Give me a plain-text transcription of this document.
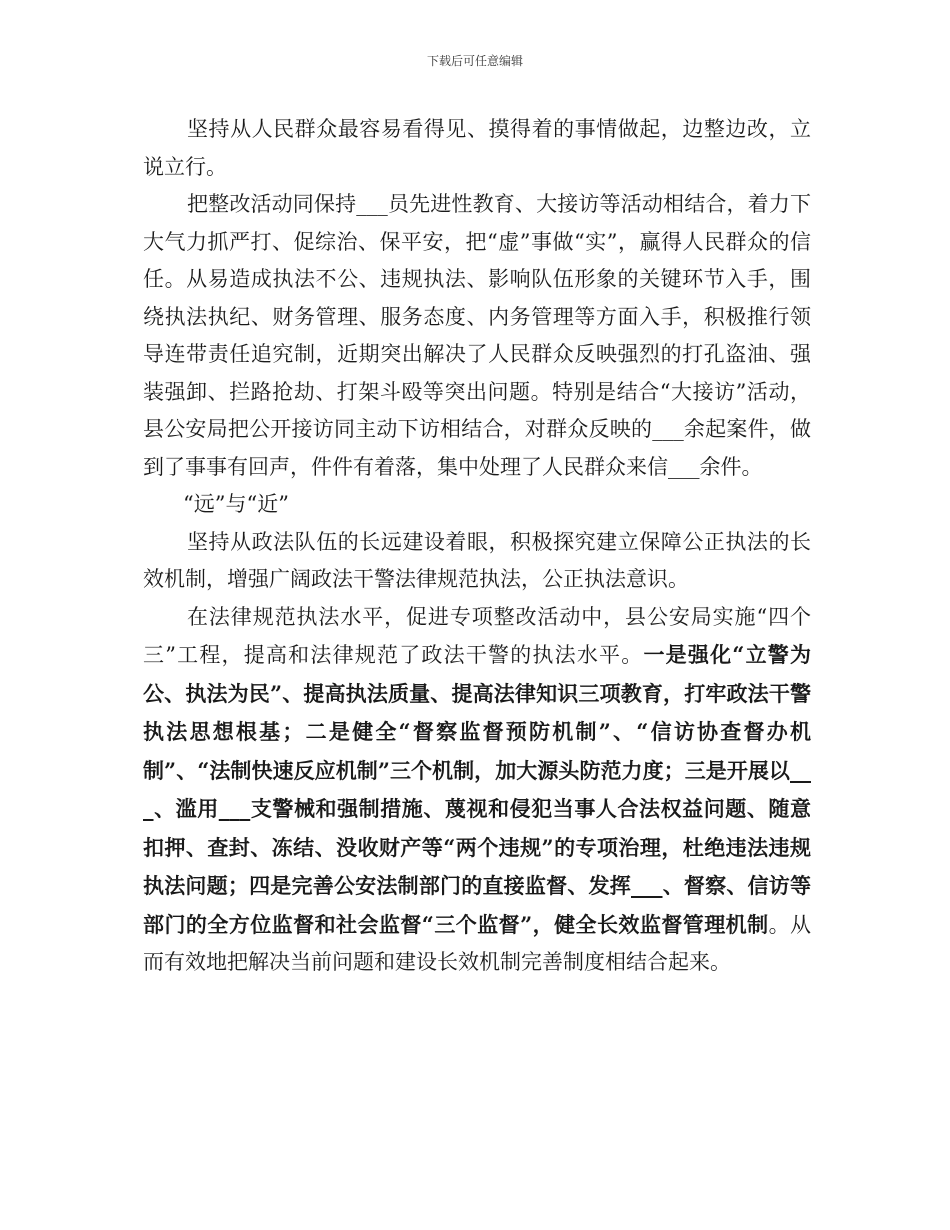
下载后可任意编辑

坚持从人民群众最容易看得见、摸得着的事情做起，边整边改，立说立行。

把整改活动同保持___员先进性教育、大接访等活动相结合，着力下大气力抓严打、促综治、保平安，把“虚”事做“实”，赢得人民群众的信任。从易造成执法不公、违规执法、影响队伍形象的关键环节入手，围绕执法执纪、财务管理、服务态度、内务管理等方面入手，积极推行领导连带责任追究制，近期突出解决了人民群众反映强烈的打孔盗油、强装强卸、拦路抢劫、打架斗殴等突出问题。特别是结合“大接访”活动，县公安局把公开接访同主动下访相结合，对群众反映的___余起案件，做到了事事有回声，件件有着落，集中处理了人民群众来信___余件。

“远”与“近”

坚持从政法队伍的长远建设着眼，积极探究建立保障公正执法的长效机制，增强广阔政法干警法律规范执法，公正执法意识。

在法律规范执法水平，促进专项整改活动中，县公安局实施“四个三”工程，提高和法律规范了政法干警的执法水平。一是强化“立警为公、执法为民”、提高执法质量、提高法律知识三项教育，打牢政法干警执法思想根基；二是健全“督察监督预防机制”、“信访协查督办机制”、“法制快速反应机制”三个机制，加大源头防范力度；三是开展以___、滥用___支警械和强制措施、蔑视和侵犯当事人合法权益问题、随意扣押、查封、冻结、没收财产等“两个违规”的专项治理，杜绝违法违规执法问题；四是完善公安法制部门的直接监督、发挥___、督察、信访等部门的全方位监督和社会监督“三个监督”，健全长效监督管理机制。从而有效地把解决当前问题和建设长效机制完善制度相结合起来。
